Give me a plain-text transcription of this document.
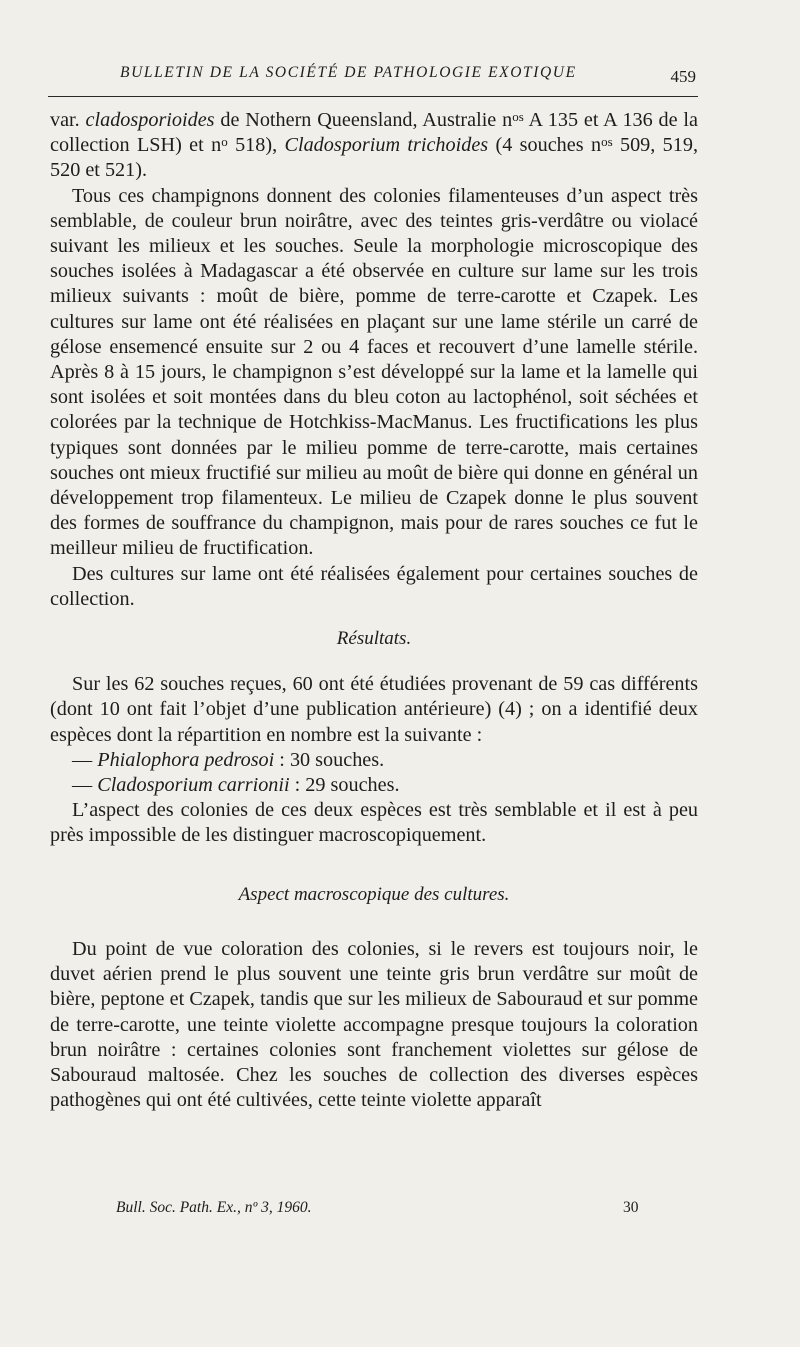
BULLETIN DE LA SOCIÉTÉ DE PATHOLOGIE EXOTIQUE	459

var. cladosporioides de Nothern Queensland, Australie $n^{os}$ A 135 et A 136 de la collection LSH) et $n^o$ 518), Cladosporium trichoides (4 souches $n^{os}$ 509, 519, 520 et 521).

Tous ces champignons donnent des colonies filamenteuses d’un aspect très semblable, de couleur brun noirâtre, avec des teintes gris-verdâtre ou violacé suivant les milieux et les souches. Seule la morphologie microscopique des souches isolées à Madagascar a été observée en culture sur lame sur les trois milieux suivants : moût de bière, pomme de terre-carotte et Czapek. Les cultures sur lame ont été réalisées en plaçant sur une lame stérile un carré de gélose ensemencé ensuite sur 2 ou 4 faces et recouvert d’une lamelle stérile. Après 8 à 15 jours, le champignon s’est développé sur la lame et la lamelle qui sont isolées et soit montées dans du bleu coton au lactophénol, soit séchées et colorées par la technique de Hotchkiss-MacManus. Les fructifications les plus typiques sont données par le milieu pomme de terre-carotte, mais certaines souches ont mieux fructifié sur milieu au moût de bière qui donne en général un développement trop filamenteux. Le milieu de Czapek donne le plus souvent des formes de souffrance du champignon, mais pour de rares souches ce fut le meilleur milieu de fructification.

Des cultures sur lame ont été réalisées également pour certaines souches de collection.

Résultats.

Sur les 62 souches reçues, 60 ont été étudiées provenant de 59 cas différents (dont 10 ont fait l’objet d’une publication antérieure) (4) ; on a identifié deux espèces dont la répartition en nombre est la suivante :

— Phialophora pedrosoi : 30 souches.

— Cladosporium carrionii : 29 souches.

L’aspect des colonies de ces deux espèces est très semblable et il est à peu près impossible de les distinguer macroscopiquement.

Aspect macroscopique des cultures.

Du point de vue coloration des colonies, si le revers est toujours noir, le duvet aérien prend le plus souvent une teinte gris brun verdâtre sur moût de bière, peptone et Czapek, tandis que sur les milieux de Sabouraud et sur pomme de terre-carotte, une teinte violette accompagne presque toujours la coloration brun noirâtre : certaines colonies sont franchement violettes sur gélose de Sabouraud maltosée. Chez les souches de collection des diverses espèces pathogènes qui ont été cultivées, cette teinte violette apparaît

Bull. Soc. Path. Ex., nº 3, 1960.	30
